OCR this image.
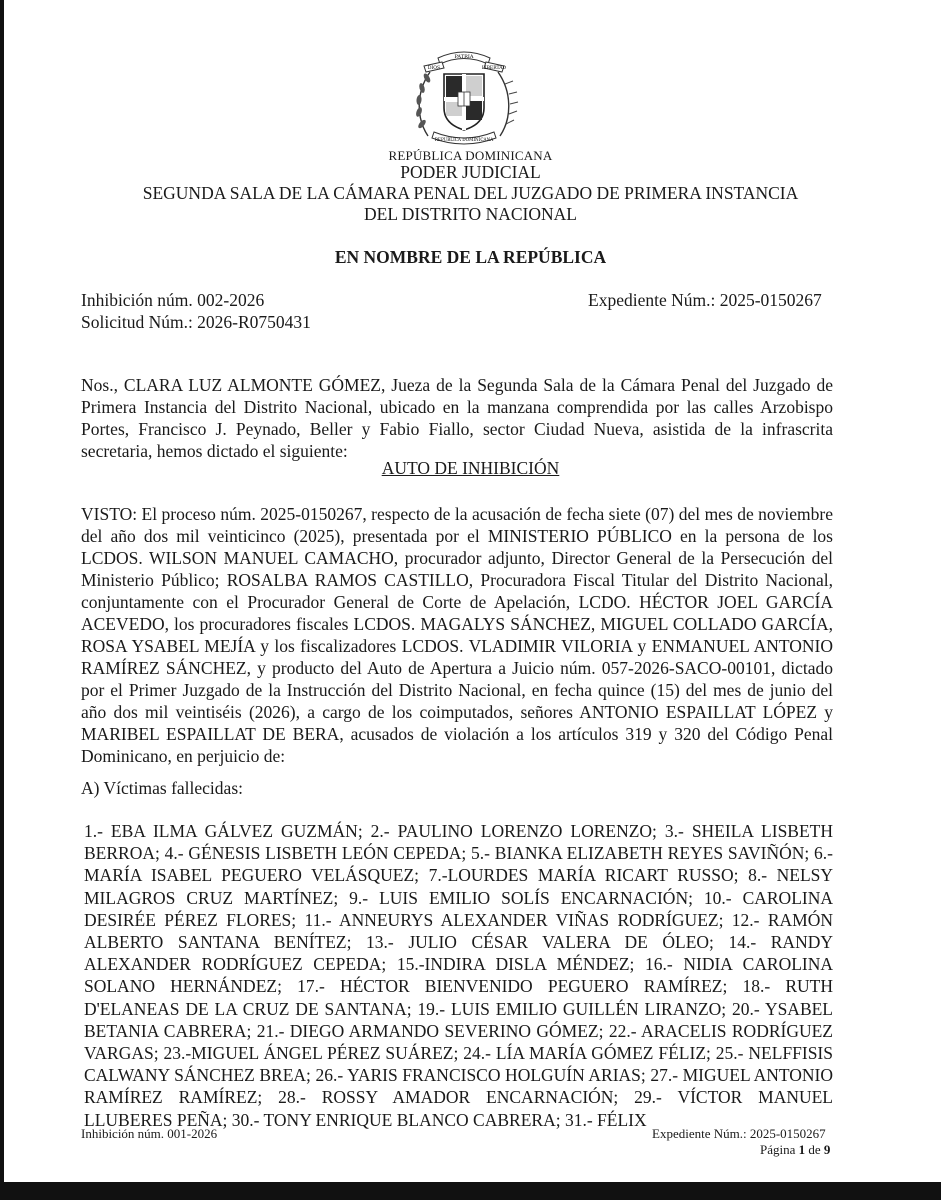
PATRIA
DIOS	LIBERTAD
REPUBLICA DOMINICANA
REPÚBLICA DOMINICANA
PODER JUDICIAL
SEGUNDA SALA DE LA CÁMARA PENAL DEL JUZGADO DE PRIMERA INSTANCIA
DEL DISTRITO NACIONAL
EN NOMBRE DE LA REPÚBLICA
Inhibición núm. 002-2026	Expediente Núm.: 2025-0150267
Solicitud Núm.: 2026-R0750431
Nos., CLARA LUZ ALMONTE GÓMEZ, Jueza de la Segunda Sala de la Cámara Penal del Juzgado de Primera Instancia del Distrito Nacional, ubicado en la manzana comprendida por las calles Arzobispo Portes, Francisco J. Peynado, Beller y Fabio Fiallo, sector Ciudad Nueva, asistida de la infrascrita secretaria, hemos dictado el siguiente:
AUTO DE INHIBICIÓN
VISTO: El proceso núm. 2025-0150267, respecto de la acusación de fecha siete (07) del mes de noviembre del año dos mil veinticinco (2025), presentada por el MINISTERIO PÚBLICO en la persona de los LCDOS. WILSON MANUEL CAMACHO, procurador adjunto, Director General de la Persecución del Ministerio Público; ROSALBA RAMOS CASTILLO, Procuradora Fiscal Titular del Distrito Nacional, conjuntamente con el Procurador General de Corte de Apelación, LCDO. HÉCTOR JOEL GARCÍA ACEVEDO, los procuradores fiscales LCDOS. MAGALYS SÁNCHEZ, MIGUEL COLLADO GARCÍA, ROSA YSABEL MEJÍA y los fiscalizadores LCDOS. VLADIMIR VILORIA y ENMANUEL ANTONIO RAMÍREZ SÁNCHEZ, y producto del Auto de Apertura a Juicio núm. 057-2026-SACO-00101, dictado por el Primer Juzgado de la Instrucción del Distrito Nacional, en fecha quince (15) del mes de junio del año dos mil veintiséis (2026), a cargo de los coimputados, señores ANTONIO ESPAILLAT LÓPEZ y MARIBEL ESPAILLAT DE BERA, acusados de violación a los artículos 319 y 320 del Código Penal Dominicano, en perjuicio de:
A) Víctimas fallecidas:
1.- EBA ILMA GÁLVEZ GUZMÁN; 2.- PAULINO LORENZO LORENZO; 3.- SHEILA LISBETH BERROA; 4.- GÉNESIS LISBETH LEÓN CEPEDA; 5.- BIANKA ELIZABETH REYES SAVIÑÓN; 6.- MARÍA ISABEL PEGUERO VELÁSQUEZ; 7.-LOURDES MARÍA RICART RUSSO; 8.- NELSY MILAGROS CRUZ MARTÍNEZ; 9.- LUIS EMILIO SOLÍS ENCARNACIÓN; 10.- CAROLINA DESIRÉE PÉREZ FLORES; 11.- ANNEURYS ALEXANDER VIÑAS RODRÍGUEZ; 12.- RAMÓN ALBERTO SANTANA BENÍTEZ; 13.- JULIO CÉSAR VALERA DE ÓLEO; 14.- RANDY ALEXANDER RODRÍGUEZ CEPEDA; 15.-INDIRA DISLA MÉNDEZ; 16.- NIDIA CAROLINA SOLANO HERNÁNDEZ; 17.- HÉCTOR BIENVENIDO PEGUERO RAMÍREZ; 18.- RUTH D'ELANEAS DE LA CRUZ DE SANTANA; 19.- LUIS EMILIO GUILLÉN LIRANZO; 20.- YSABEL BETANIA CABRERA; 21.- DIEGO ARMANDO SEVERINO GÓMEZ; 22.- ARACELIS RODRÍGUEZ VARGAS; 23.-MIGUEL ÁNGEL PÉREZ SUÁREZ; 24.- LÍA MARÍA GÓMEZ FÉLIZ; 25.- NELFFISIS CALWANY SÁNCHEZ BREA; 26.- YARIS FRANCISCO HOLGUÍN ARIAS; 27.- MIGUEL ANTONIO RAMÍREZ RAMÍREZ; 28.- ROSSY AMADOR ENCARNACIÓN; 29.- VÍCTOR MANUEL LLUBERES PEÑA; 30.- TONY ENRIQUE BLANCO CABRERA; 31.- FÉLIX
Inhibición núm. 001-2026	Expediente Núm.: 2025-0150267
Página 1 de 9
